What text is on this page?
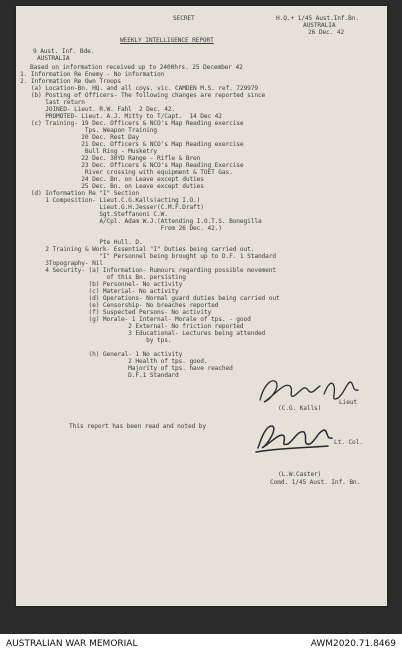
SECRET	H.Q.+ 1/45 Aust.Inf.Bn.
AUSTRALIA
26 Dec. 42
WEEKLY INTELLIGENCE REPORT
9 Aust. Inf. Bde.
AUSTRALIA
Based on information received up to 2400hrs. 25 December 42
1. Information Re Enemy - No information
2. Information Re Own Troops
(a) Location-Bn. HQ. and all coys. vic. CAMDEN M.S. ref. 729979
(b) Posting of Officers- The following changes are reported since
last return
JOINED- Lieut. R.W. Fahl  2 Dec. 42.
PROMOTED- Lieut. A.J. Mitty to T/Capt.  14 Dec 42
(c) Training- 19 Dec. Officers & NCO's Map Reading exercise
Tps. Weapon Training
20 Dec. Rest Day
21 Dec. Officers & NCO's Map Reading exercise
Bull Ring - Musketry
22 Dec. 30YD Range - Rifle & Bren
23 Dec. Officers & NCO's Map Reading Exercise
River crossing with equipment & TOET Gas.
24 Dec. Bn. on Leave except duties
25 Dec. Bn. on Leave except duties
(d) Information Re "I" Section
1 Composition- Lieut.C.G.Kalls(acting I.O.)
Lieut.G.H.Jesser(C.M.F.Draft)
Sgt.Steffanoni C.W.
A/Cpl. Adam W.J.(Attending I.O.T.S. Bonegilla
From 26 Dec. 42.)
Pte Hull. D.
2 Training & Work- Essential "I" Duties being carried out.
"I" Personnel being brought up to D.F. 1 Standard
3Topography- Nil
4 Security- (a) Information- Rumours regarding possible movement
of this Bn. persisting
(b) Personnel- No activity
(c) Material- No activity
(d) Operations- Normal guard duties being carried out
(e) Censorship- No breaches reported
(f) Suspected Persons- No activity
(g) Morale- 1 Internal- Morale of tps. - good
2 External- No friction reported
3 Educational- Lectures being attended
by tps.
(h) General- 1 No activity
2 Health of tps. good.
Majority of tps. have reached
D.F.1 Standard
Lieut
(C.G. Kalls)
This report has been read and noted by
Lt. Col.
(L.W.Caster)
Comd. 1/45 Aust. Inf. Bn.
AUSTRALIAN WAR MEMORIAL	AWM2020.71.8469
